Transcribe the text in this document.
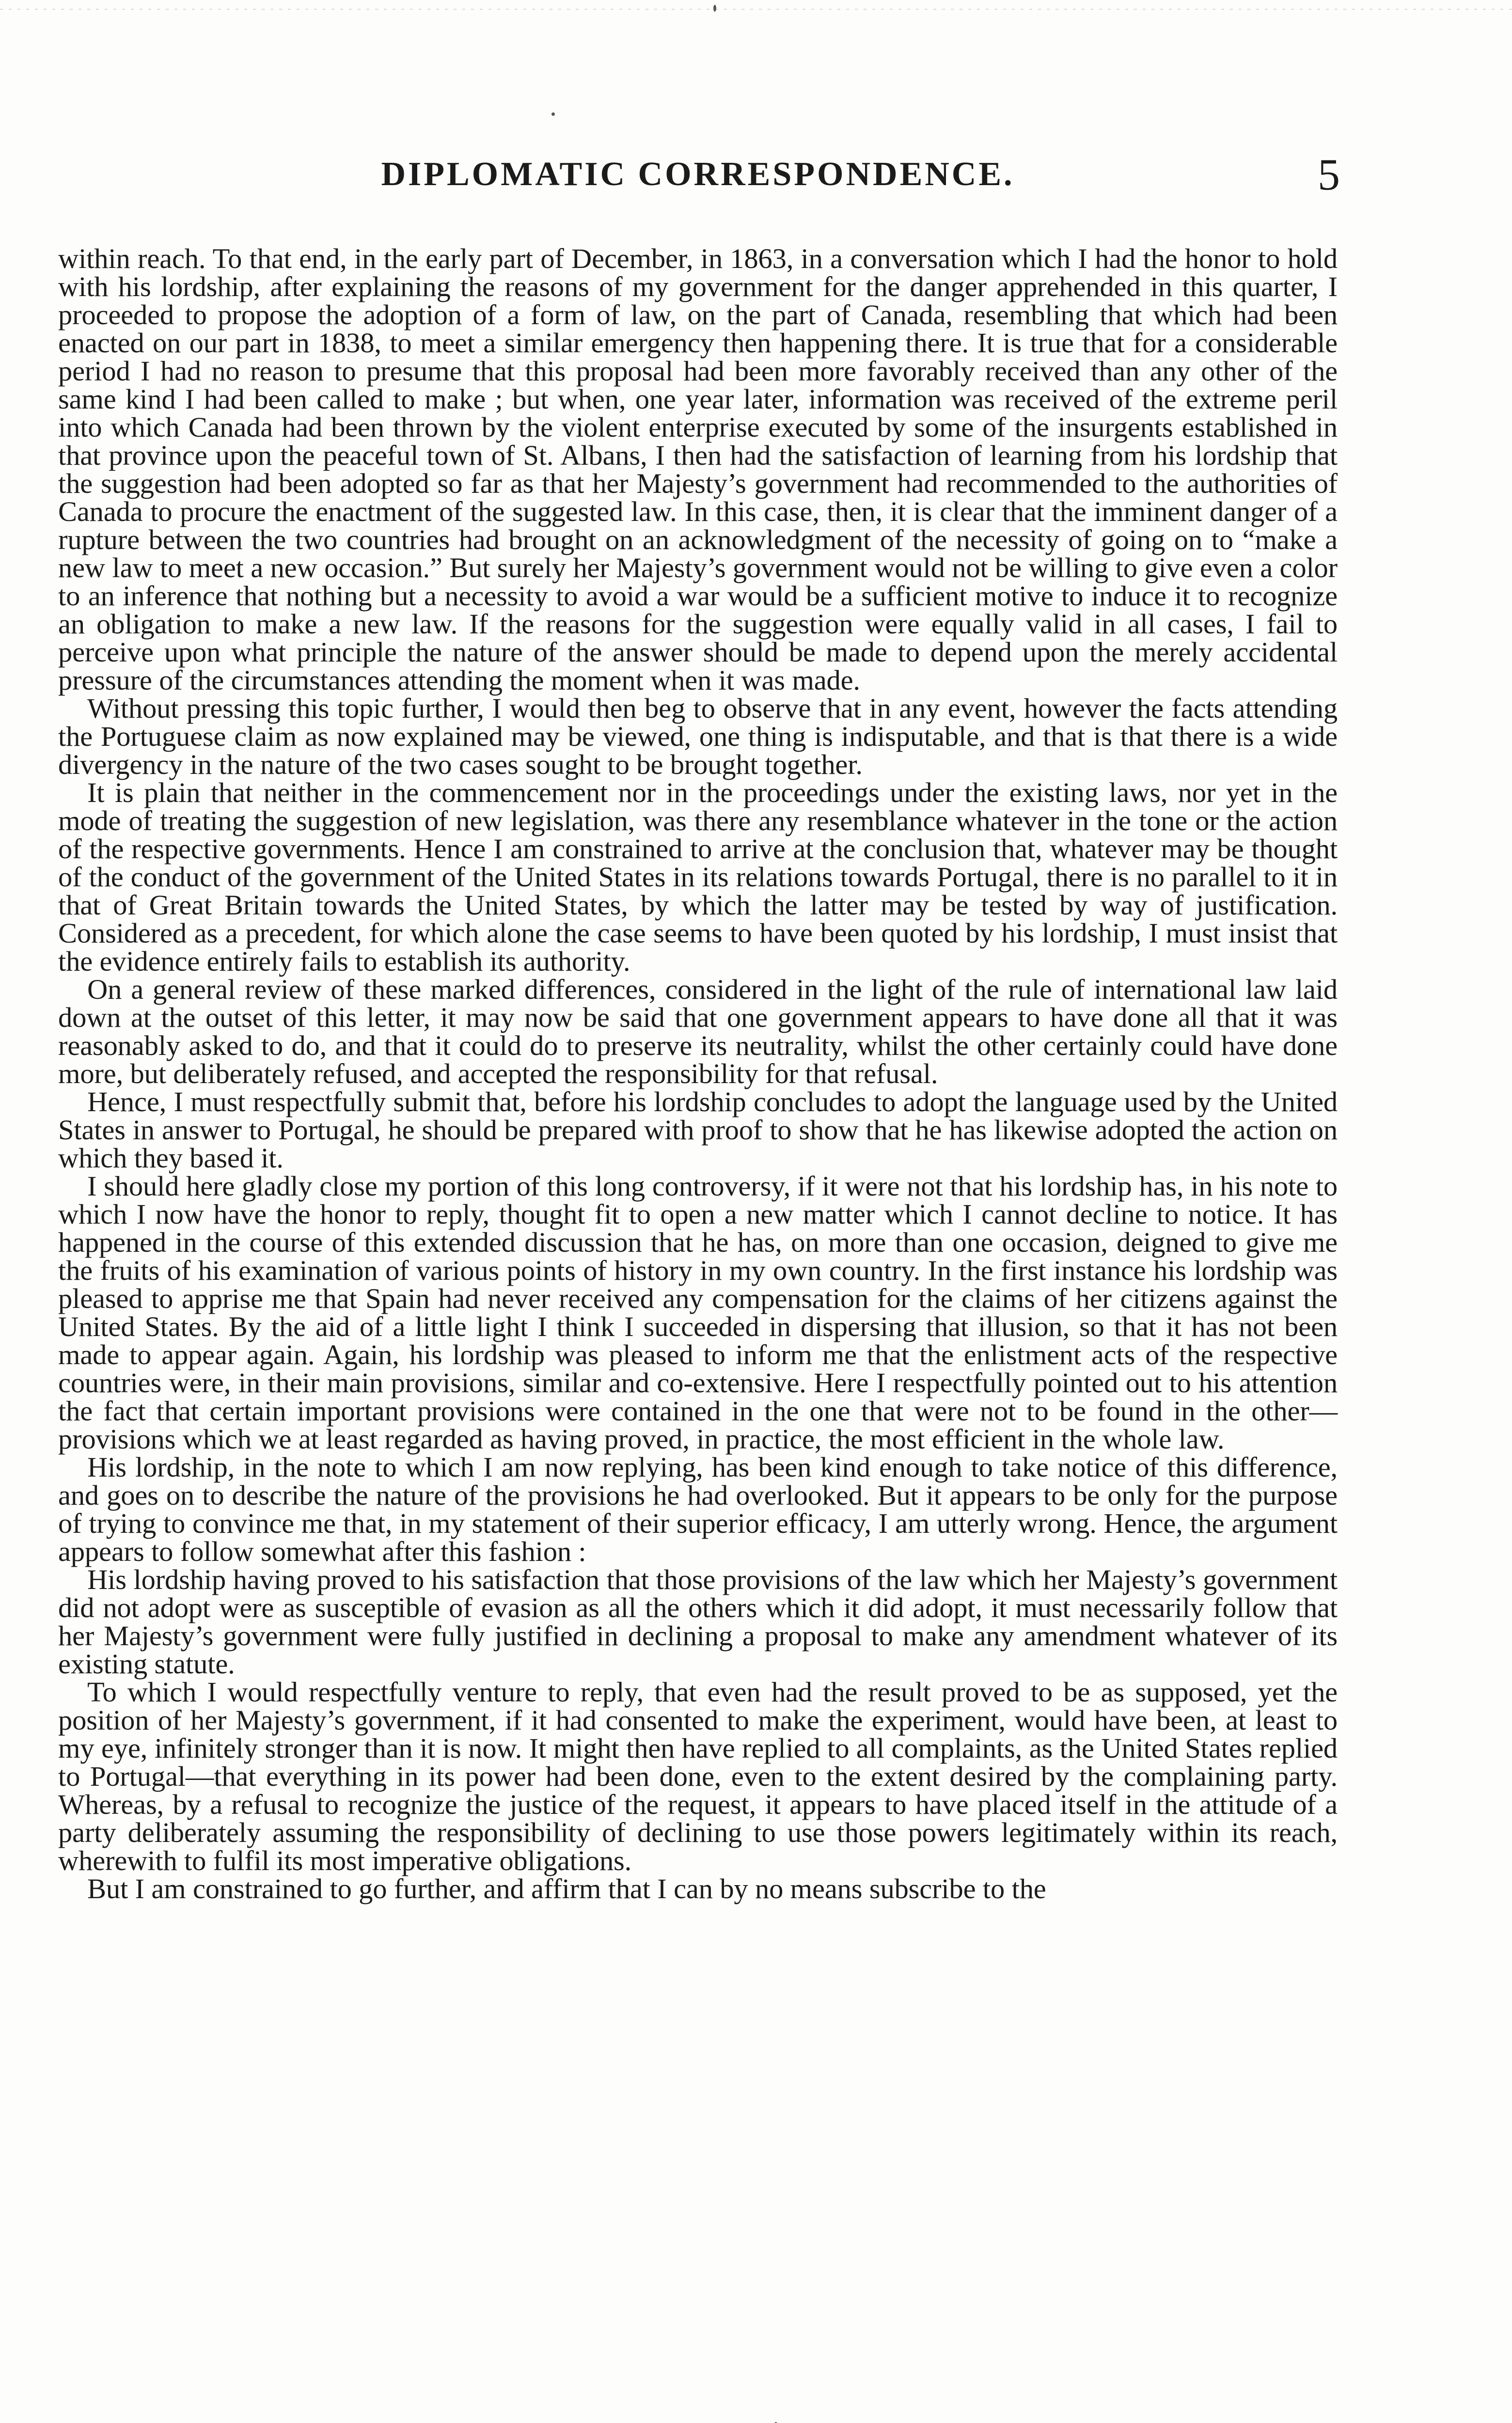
DIPLOMATIC CORRESPONDENCE.	5

within reach. To that end, in the early part of December, in 1863, in a conversation which I had the honor to hold with his lordship, after explaining the reasons of my government for the danger apprehended in this quarter, I proceeded to propose the adoption of a form of law, on the part of Canada, resembling that which had been enacted on our part in 1838, to meet a similar emergency then happening there. It is true that for a considerable period I had no reason to presume that this proposal had been more favorably received than any other of the same kind I had been called to make ; but when, one year later, information was received of the extreme peril into which Canada had been thrown by the violent enterprise executed by some of the insurgents established in that province upon the peaceful town of St. Albans, I then had the satisfaction of learning from his lordship that the suggestion had been adopted so far as that her Majesty’s government had recommended to the authorities of Canada to procure the enactment of the suggested law. In this case, then, it is clear that the imminent danger of a rupture between the two countries had brought on an acknowledgment of the necessity of going on to “make a new law to meet a new occasion.” But surely her Majesty’s government would not be willing to give even a color to an inference that nothing but a necessity to avoid a war would be a sufficient motive to induce it to recognize an obligation to make a new law. If the reasons for the suggestion were equally valid in all cases, I fail to perceive upon what principle the nature of the answer should be made to depend upon the merely accidental pressure of the circumstances attending the moment when it was made.

Without pressing this topic further, I would then beg to observe that in any event, however the facts attending the Portuguese claim as now explained may be viewed, one thing is indisputable, and that is that there is a wide divergency in the nature of the two cases sought to be brought together.

It is plain that neither in the commencement nor in the proceedings under the existing laws, nor yet in the mode of treating the suggestion of new legislation, was there any resemblance whatever in the tone or the action of the respective governments. Hence I am constrained to arrive at the conclusion that, whatever may be thought of the conduct of the government of the United States in its relations towards Portugal, there is no parallel to it in that of Great Britain towards the United States, by which the latter may be tested by way of justification. Considered as a precedent, for which alone the case seems to have been quoted by his lordship, I must insist that the evidence entirely fails to establish its authority.

On a general review of these marked differences, considered in the light of the rule of international law laid down at the outset of this letter, it may now be said that one government appears to have done all that it was reasonably asked to do, and that it could do to preserve its neutrality, whilst the other certainly could have done more, but deliberately refused, and accepted the responsibility for that refusal.

Hence, I must respectfully submit that, before his lordship concludes to adopt the language used by the United States in answer to Portugal, he should be prepared with proof to show that he has likewise adopted the action on which they based it.

I should here gladly close my portion of this long controversy, if it were not that his lordship has, in his note to which I now have the honor to reply, thought fit to open a new matter which I cannot decline to notice. It has happened in the course of this extended discussion that he has, on more than one occasion, deigned to give me the fruits of his examination of various points of history in my own country. In the first instance his lordship was pleased to apprise me that Spain had never received any compensation for the claims of her citizens against the United States. By the aid of a little light I think I succeeded in dispersing that illusion, so that it has not been made to appear again. Again, his lordship was pleased to inform me that the enlistment acts of the respective countries were, in their main provisions, similar and co-extensive. Here I respectfully pointed out to his attention the fact that certain important provisions were contained in the one that were not to be found in the other—provisions which we at least regarded as having proved, in practice, the most efficient in the whole law.

His lordship, in the note to which I am now replying, has been kind enough to take notice of this difference, and goes on to describe the nature of the provisions he had overlooked. But it appears to be only for the purpose of trying to convince me that, in my statement of their superior efficacy, I am utterly wrong. Hence, the argument appears to follow somewhat after this fashion :

His lordship having proved to his satisfaction that those provisions of the law which her Majesty’s government did not adopt were as susceptible of evasion as all the others which it did adopt, it must necessarily follow that her Majesty’s government were fully justified in declining a proposal to make any amendment whatever of its existing statute.

To which I would respectfully venture to reply, that even had the result proved to be as supposed, yet the position of her Majesty’s government, if it had consented to make the experiment, would have been, at least to my eye, infinitely stronger than it is now. It might then have replied to all complaints, as the United States replied to Portugal—that everything in its power had been done, even to the extent desired by the complaining party. Whereas, by a refusal to recognize the justice of the request, it appears to have placed itself in the attitude of a party deliberately assuming the responsibility of declining to use those powers legitimately within its reach, wherewith to fulfil its most imperative obligations.

But I am constrained to go further, and affirm that I can by no means subscribe to the
